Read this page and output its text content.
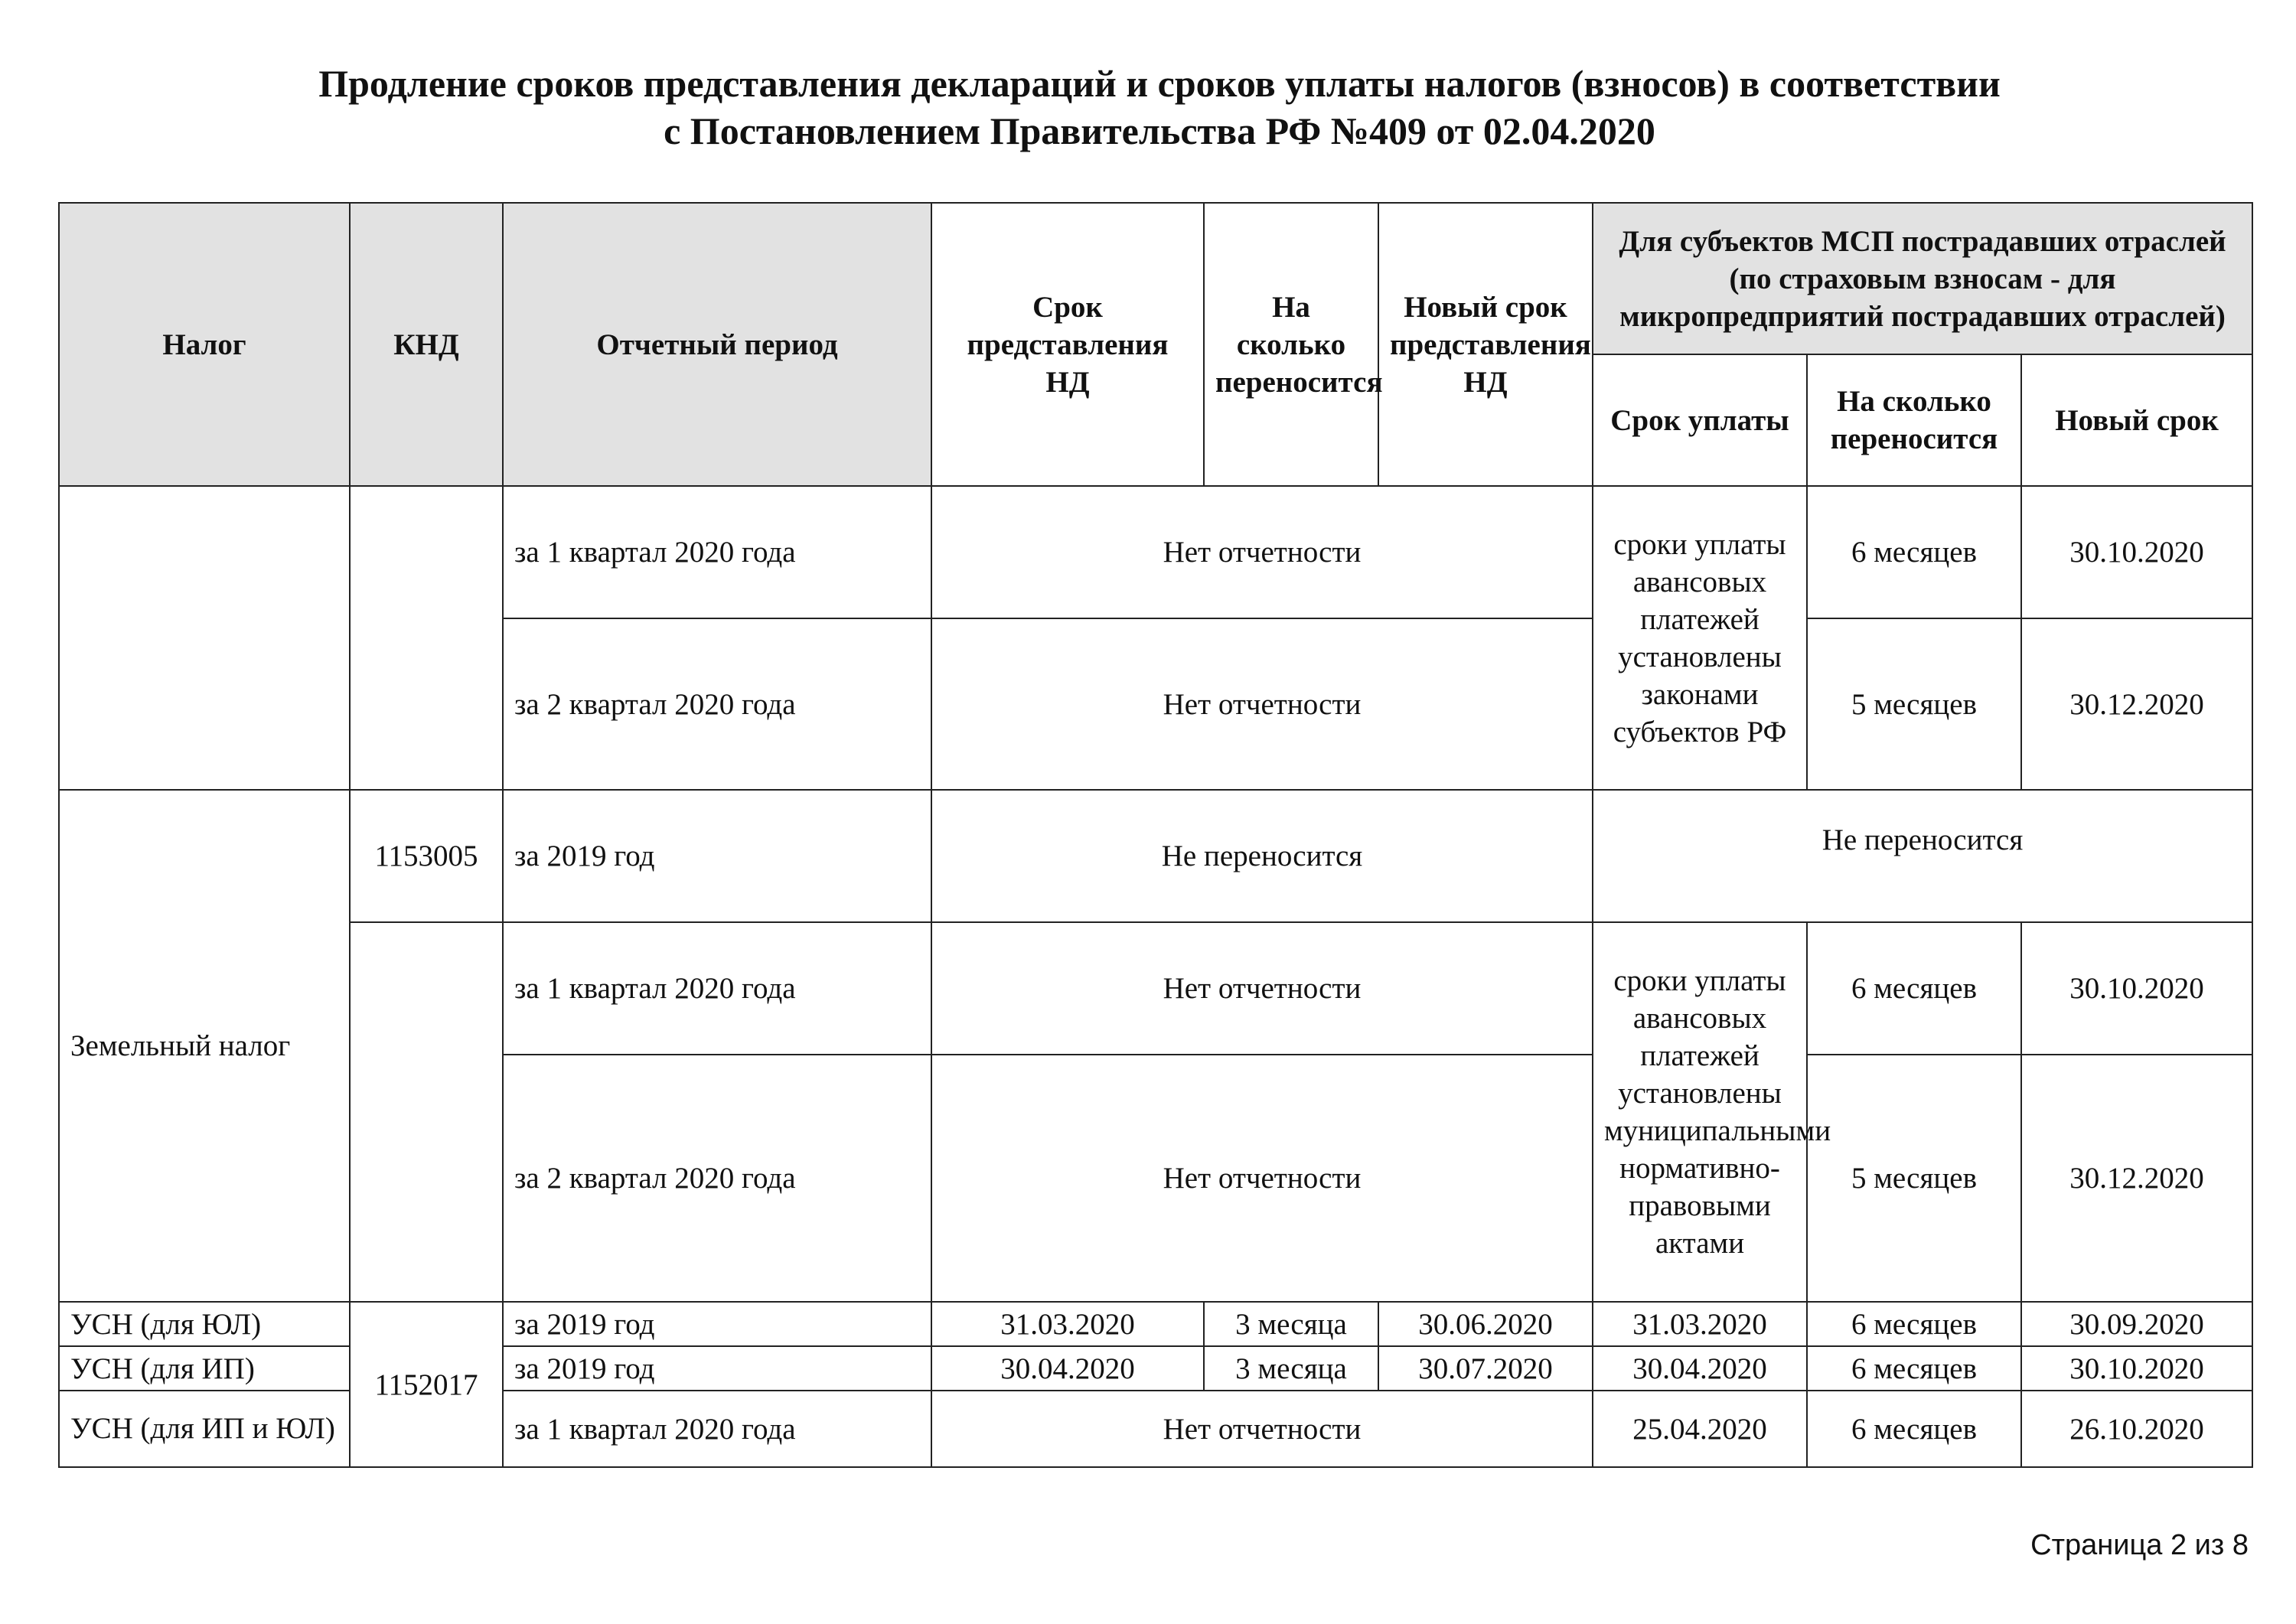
Продление сроков представления деклараций и сроков уплаты налогов (взносов) в соответствии
с Постановлением Правительства РФ №409 от 02.04.2020
Налог	КНД	Отчетный период	Срок представления НД	На сколько переносится	Новый срок представления НД	Для субъектов МСП пострадавших отраслей (по страховым взносам - для микропредприятий пострадавших отраслей)		
						Срок уплаты	На сколько переносится	Новый срок
		за 1 квартал 2020 года	Нет отчетности			сроки уплаты авансовых платежей установлены законами субъектов РФ	6 месяцев	30.10.2020
		за 2 квартал 2020 года	Нет отчетности				5 месяцев	30.12.2020
Земельный налог	1153005	за 2019 год	Не переносится			Не переносится		
		за 1 квартал 2020 года	Нет отчетности			сроки уплаты авансовых платежей установлены муниципальными нормативно-правовыми актами	6 месяцев	30.10.2020
		за 2 квартал 2020 года	Нет отчетности				5 месяцев	30.12.2020
УСН (для ЮЛ)	1152017	за 2019 год	31.03.2020	3 месяца	30.06.2020	31.03.2020	6 месяцев	30.09.2020
УСН (для ИП)		за 2019 год	30.04.2020	3 месяца	30.07.2020	30.04.2020	6 месяцев	30.10.2020
УСН (для ИП и ЮЛ)		за 1 квартал 2020 года	Нет отчетности			25.04.2020	6 месяцев	26.10.2020
Страница 2 из 8
